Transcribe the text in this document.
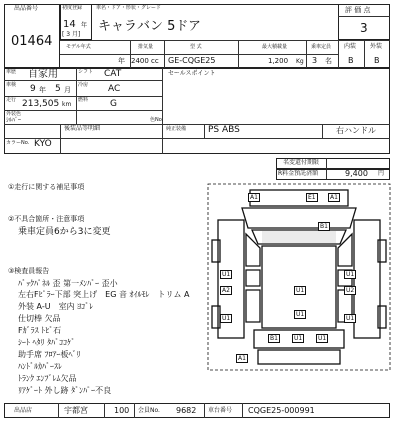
出品番号
01464
初度登録
14 年
[ 3 月]
車名・ドア・形状・グレード
キャラバン 5ドア
評 価 点
3
モデル年式	排気量	型 式	最大積載量	乗車定員
年 2400 cc GE-CQGE25	1,200 Kg 3 名
内装 外装
B	B
車歴 自家用	シフト CAT	セールスポイント
車検 9 年 5 月
冷房 AC
走行 213,505 km
燃料 G
外装色
ｼﾙﾊﾞｰ	色No.
後装品等明細	純正装備 PS ABS	右ハンドル
カラーNo. KYO
名変還付期限
R料金預託済額	9,400 円
①走行に関する補足事項
②不具合箇所・注意事項
乗車定員6から3に変更
③検査員報告
ﾊﾞｯｸﾊﾟﾈﾙ 歪 第一ﾒﾝﾊﾞｰ 歪小
左右Fﾋﾟﾗｰ下部 突上げ　EG 音 ｵｲﾙﾓﾚ　トリム A
外装 A-U　室内 ﾖｺﾞﾚ
仕切棒 欠品
Fｶﾞﾗｽ ﾄﾋﾞ石
ｼｰﾄ ﾍﾀﾘ ﾀﾊﾞｺｺｹﾞ
助手席 ﾌﾛｱｰ板ﾍﾞﾘ
ﾊﾝﾄﾞﾙｶﾊﾞｰｽﾚ
ﾄﾗﾝｸ ｴﾝﾌﾞﾚﾑ欠品
ﾘｱｹﾞｰﾄ 外し跡 ﾀﾞﾝﾊﾟｰ不良
A1	E1 A1
B1
U1	U1
A2	U1	U2
U1
U1
U1
B1	U1	U1
A1
出品店	宇都宮	100 会員No. 9682 車台番号 CQGE25-000991
